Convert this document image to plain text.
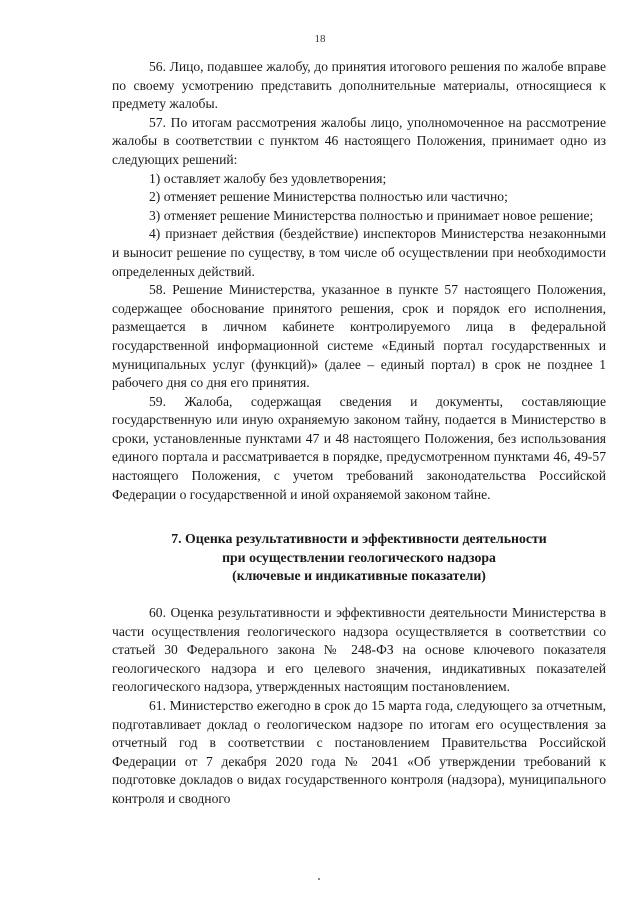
18

56. Лицо, подавшее жалобу, до принятия итогового решения по жалобе вправе по своему усмотрению представить дополнительные материалы, относящиеся к предмету жалобы.

57. По итогам рассмотрения жалобы лицо, уполномоченное на рассмотрение жалобы в соответствии с пунктом 46 настоящего Положения, принимает одно из следующих решений:

1) оставляет жалобу без удовлетворения;

2) отменяет решение Министерства полностью или частично;

3) отменяет решение Министерства полностью и принимает новое решение;

4) признает действия (бездействие) инспекторов Министерства незаконными и выносит решение по существу, в том числе об осуществлении при необходимости определенных действий.

58. Решение Министерства, указанное в пункте 57 настоящего Положения, содержащее обоснование принятого решения, срок и порядок его исполнения, размещается в личном кабинете контролируемого лица в федеральной государственной информационной системе «Единый портал государственных и муниципальных услуг (функций)» (далее – единый портал) в срок не позднее 1 рабочего дня со дня его принятия.

59. Жалоба, содержащая сведения и документы, составляющие государственную или иную охраняемую законом тайну, подается в Министерство в сроки, установленные пунктами 47 и 48 настоящего Положения, без использования единого портала и рассматривается в порядке, предусмотренном пунктами 46, 49-57 настоящего Положения, с учетом требований законодательства Российской Федерации о государственной и иной охраняемой законом тайне.

7. Оценка результативности и эффективности деятельности
при осуществлении геологического надзора
(ключевые и индикативные показатели)

60. Оценка результативности и эффективности деятельности Министерства в части осуществления геологического надзора осуществляется в соответствии со статьей 30 Федерального закона № 248-ФЗ на основе ключевого показателя геологического надзора и его целевого значения, индикативных показателей геологического надзора, утвержденных настоящим постановлением.

61. Министерство ежегодно в срок до 15 марта года, следующего за отчетным, подготавливает доклад о геологическом надзоре по итогам его осуществления за отчетный год в соответствии с постановлением Правительства Российской Федерации от 7 декабря 2020 года № 2041 «Об утверждении требований к подготовке докладов о видах государственного контроля (надзора), муниципального контроля и сводного
